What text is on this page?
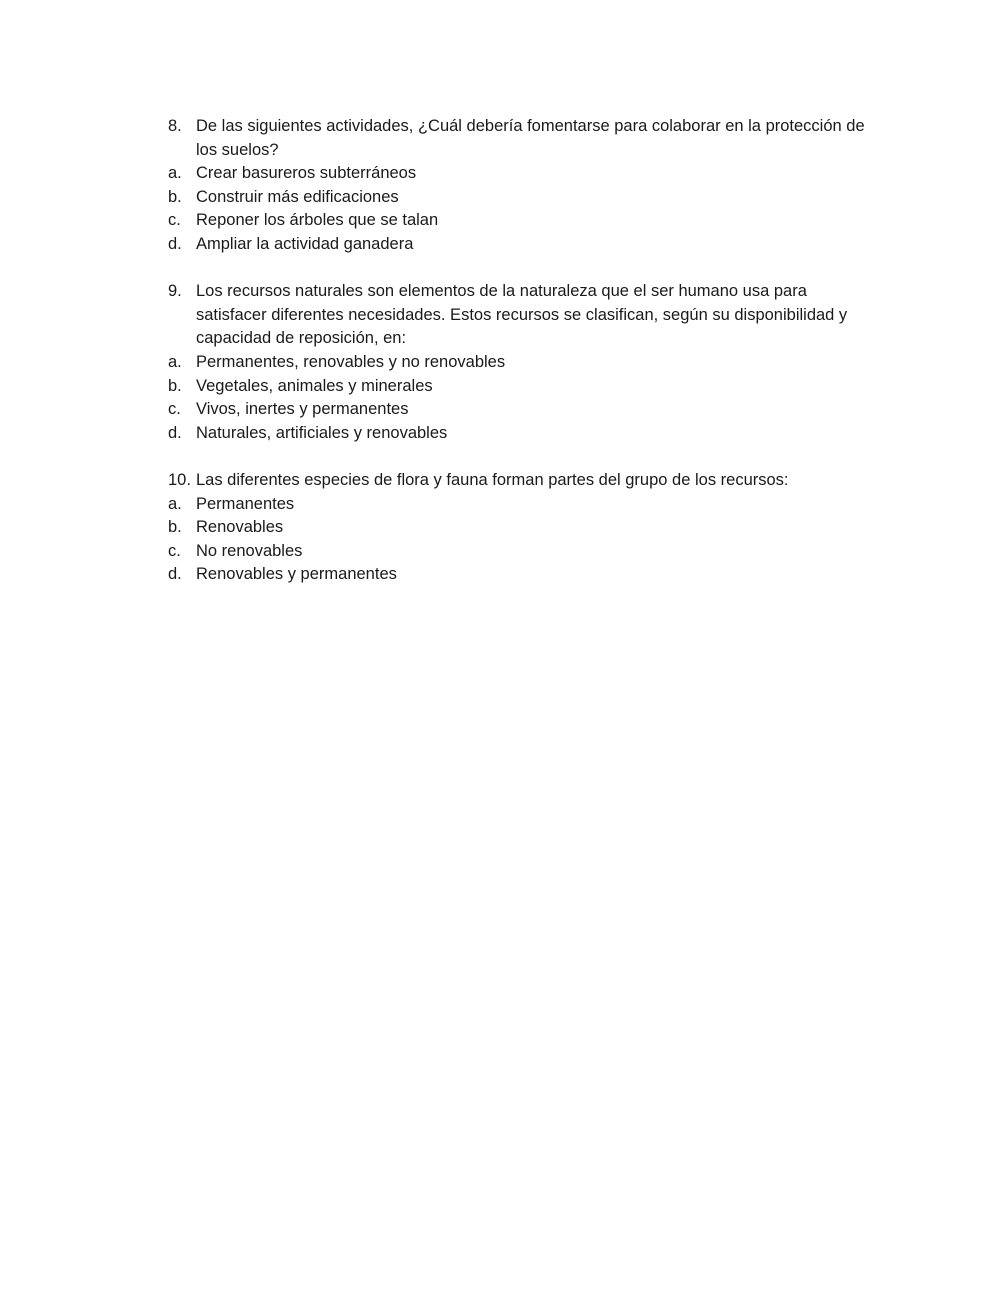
8. De las siguientes actividades, ¿Cuál debería fomentarse para colaborar en la protección de los suelos?
a. Crear basureros subterráneos
b. Construir más edificaciones
c. Reponer los árboles que se talan
d. Ampliar la actividad ganadera
9. Los recursos naturales son elementos de la naturaleza que el ser humano usa para satisfacer diferentes necesidades. Estos recursos se clasifican, según su disponibilidad y capacidad de reposición, en:
a. Permanentes, renovables y no renovables
b. Vegetales, animales y minerales
c. Vivos, inertes y permanentes
d. Naturales, artificiales y renovables
10. Las diferentes especies de flora y fauna forman partes del grupo de los recursos:
a. Permanentes
b. Renovables
c. No renovables
d. Renovables y permanentes
